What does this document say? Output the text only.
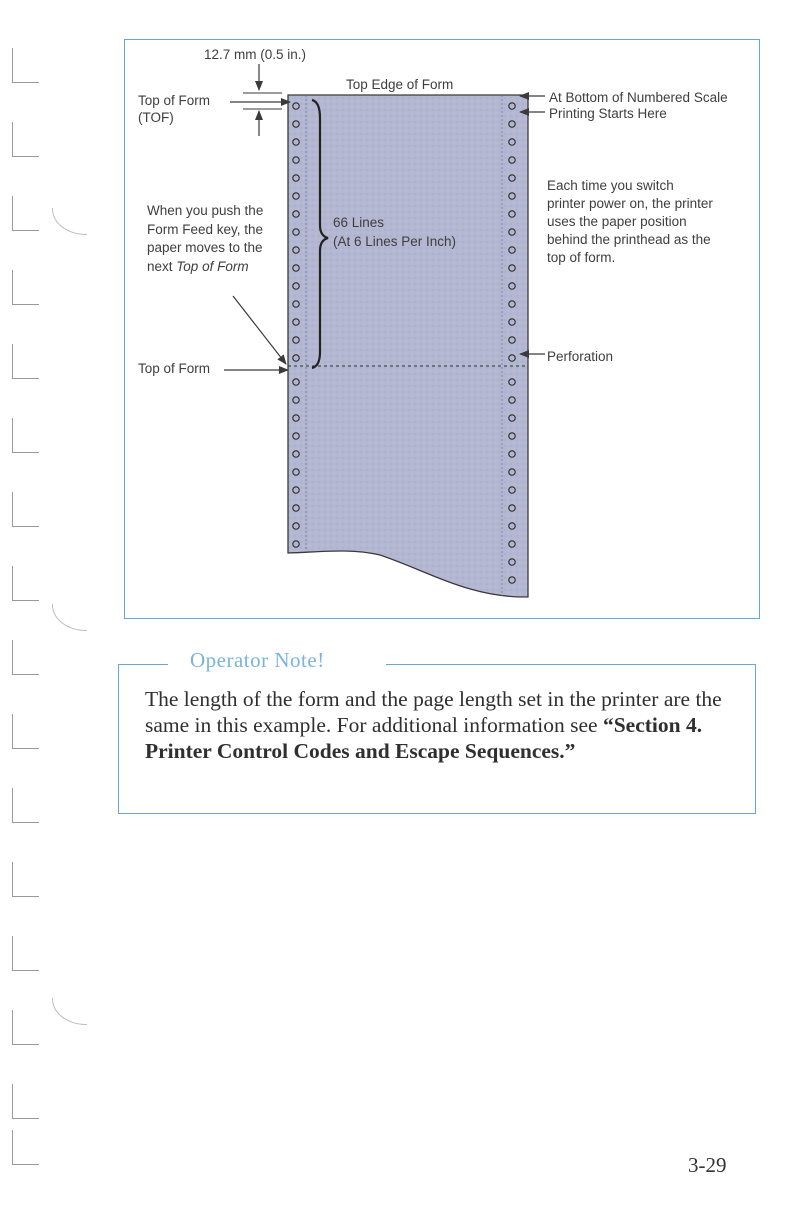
12.7 mm (0.5 in.)
Top of Form (TOF)
Top Edge of Form
At Bottom of Numbered Scale
Printing Starts Here
Each time you switch printer power on, the printer uses the paper position behind the printhead as the top of form.
When you push the Form Feed key, the paper moves to the next Top of Form
66 Lines
(At 6 Lines Per Inch)
Top of Form
Perforation
Operator Note!
The length of the form and the page length set in the printer are the same in this example. For additional information see “Section 4. Printer Control Codes and Escape Sequences.”
3-29
